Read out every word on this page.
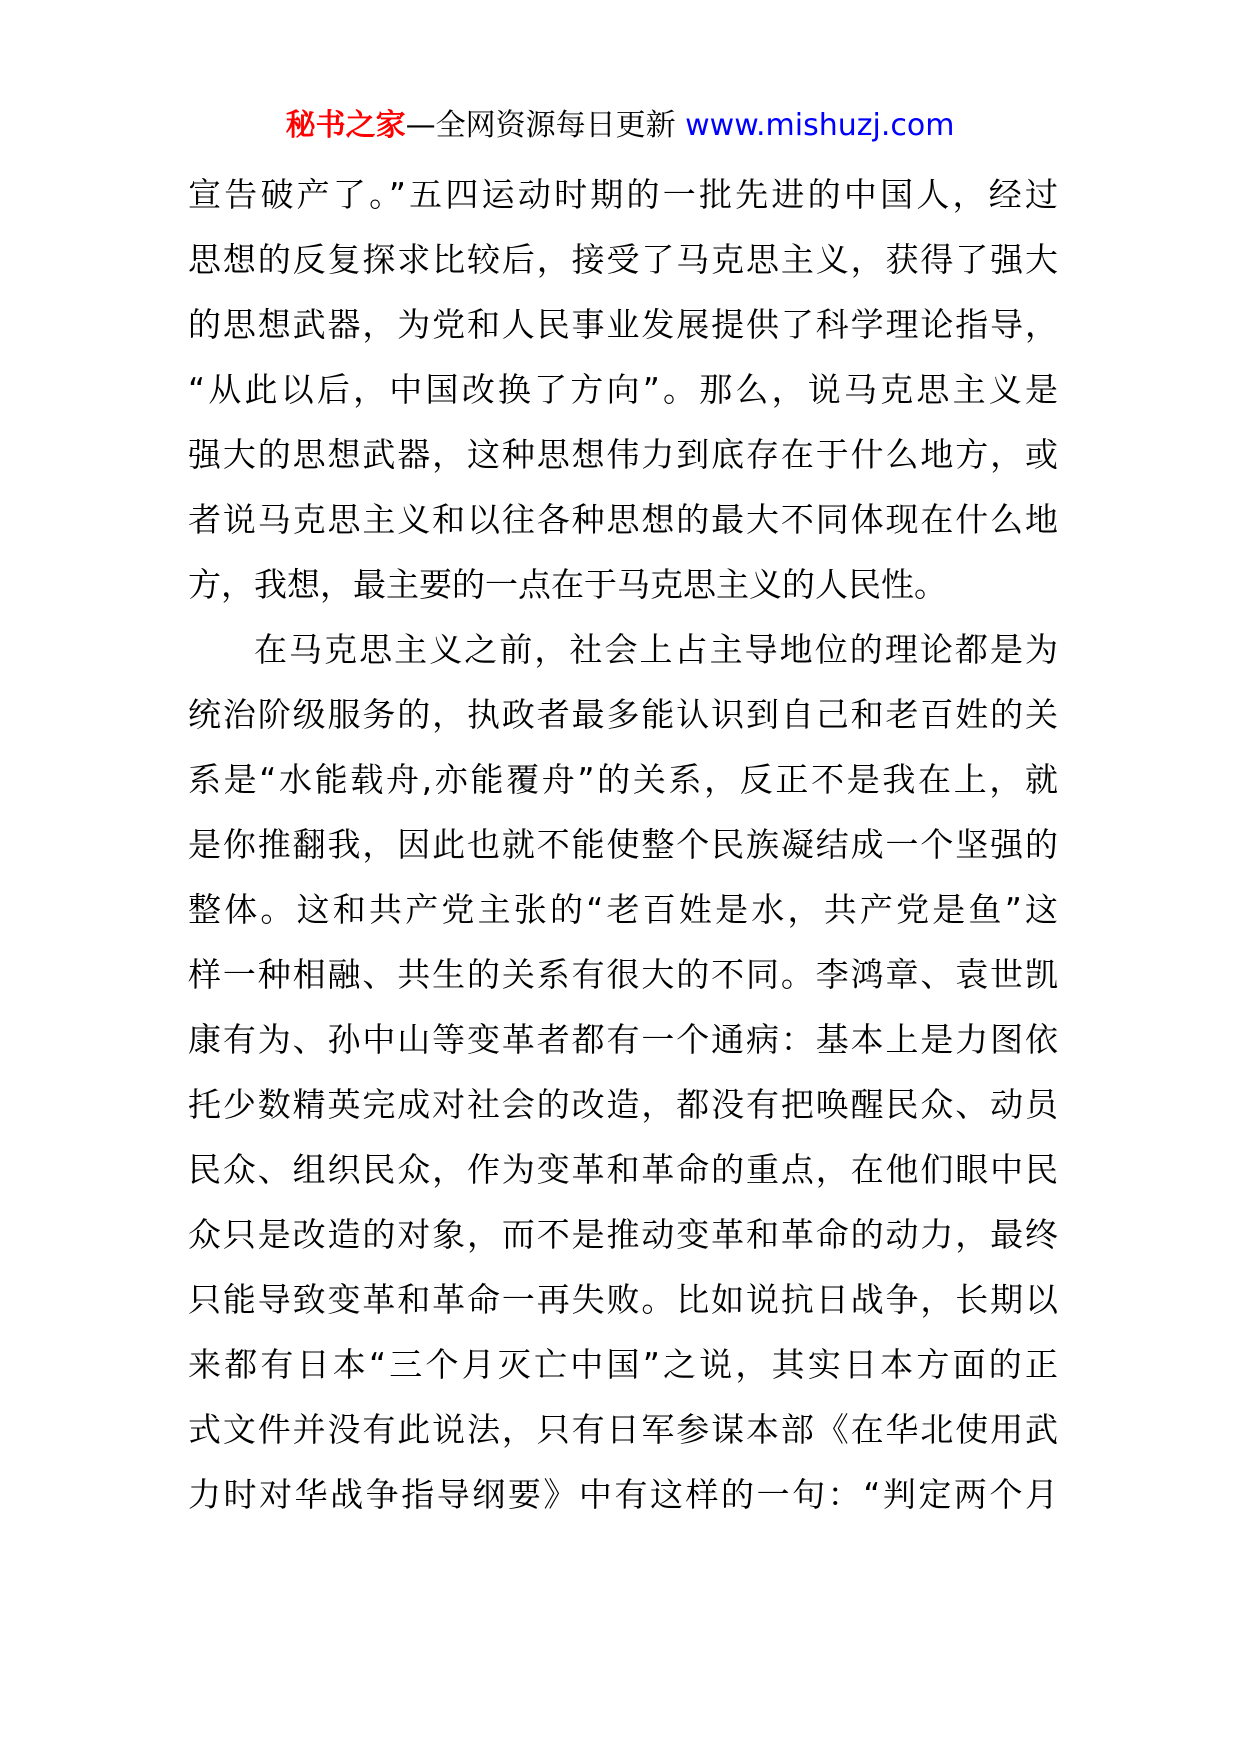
秘书之家—全网资源每日更新 www.mishuzj.com
宣告破产了。”五四运动时期的一批先进的中国人，经过
思想的反复探求比较后，接受了马克思主义，获得了强大
的思想武器，为党和人民事业发展提供了科学理论指导，
“从此以后，中国改换了方向”。那么，说马克思主义是
强大的思想武器，这种思想伟力到底存在于什么地方，或
者说马克思主义和以往各种思想的最大不同体现在什么地
方，我想，最主要的一点在于马克思主义的人民性。
在马克思主义之前，社会上占主导地位的理论都是为
统治阶级服务的，执政者最多能认识到自己和老百姓的关
系是“水能载舟,亦能覆舟”的关系，反正不是我在上，就
是你推翻我，因此也就不能使整个民族凝结成一个坚强的
整体。这和共产党主张的“老百姓是水，共产党是鱼”这
样一种相融、共生的关系有很大的不同。李鸿章、袁世凯
康有为、孙中山等变革者都有一个通病：基本上是力图依
托少数精英完成对社会的改造，都没有把唤醒民众、动员
民众、组织民众，作为变革和革命的重点，在他们眼中民
众只是改造的对象，而不是推动变革和革命的动力，最终
只能导致变革和革命一再失败。比如说抗日战争，长期以
来都有日本“三个月灭亡中国”之说，其实日本方面的正
式文件并没有此说法，只有日军参谋本部《在华北使用武
力时对华战争指导纲要》中有这样的一句：“判定两个月
